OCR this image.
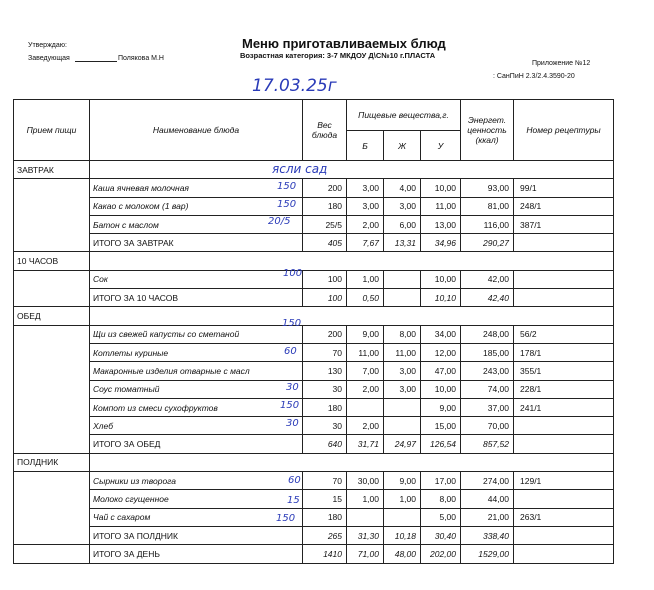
Утверждаю:
Заведующая	Полякова М.Н
Меню приготавливаемых блюд
Возрастная категория: 3-7 МКДОУ Д\С№10 г.ПЛАСТА
Приложение №12
: СанПиН 2.3/2.4.3590-20
17.03.25г
Прием пищи	Наименование блюда	Вес блюда	Пищевые вещества,г.			Энергет. ценность (ккал)	Номер рецептуры
			Б	Ж	У		
ЗАВТРАК							
	Каша ячневая молочная	200	3,00	4,00	10,00	93,00	99/1
	Какао с молоком (1 вар)	180	3,00	3,00	11,00	81,00	248/1
	Батон с маслом	25/5	2,00	6,00	13,00	116,00	387/1
	ИТОГО ЗА ЗАВТРАК	405	7,67	13,31	34,96	290,27	
10 ЧАСОВ							
	Сок	100	1,00		10,00	42,00	
	ИТОГО ЗА 10 ЧАСОВ	100	0,50		10,10	42,40	
ОБЕД							
	Щи из свежей капусты со сметаной	200	9,00	8,00	34,00	248,00	56/2
	Котлеты куриные	70	11,00	11,00	12,00	185,00	178/1
	Макаронные изделия отварные с масл	130	7,00	3,00	47,00	243,00	355/1
	Соус томатный	30	2,00	3,00	10,00	74,00	228/1
	Компот из смеси сухофруктов	180			9,00	37,00	241/1
	Хлеб	30	2,00		15,00	70,00	
	ИТОГО ЗА ОБЕД	640	31,71	24,97	126,54	857,52	
ПОЛДНИК							
	Сырники из творога	70	30,00	9,00	17,00	274,00	129/1
	Молоко сгущенное	15	1,00	1,00	8,00	44,00	
	Чай с сахаром	180			5,00	21,00	263/1
	ИТОГО ЗА ПОЛДНИК	265	31,30	10,18	30,40	338,40	
	ИТОГО ЗА ДЕНЬ	1410	71,00	48,00	202,00	1529,00	
ясли сад
150
150
20/5
100
150
60
30
150
30
60
15
150
